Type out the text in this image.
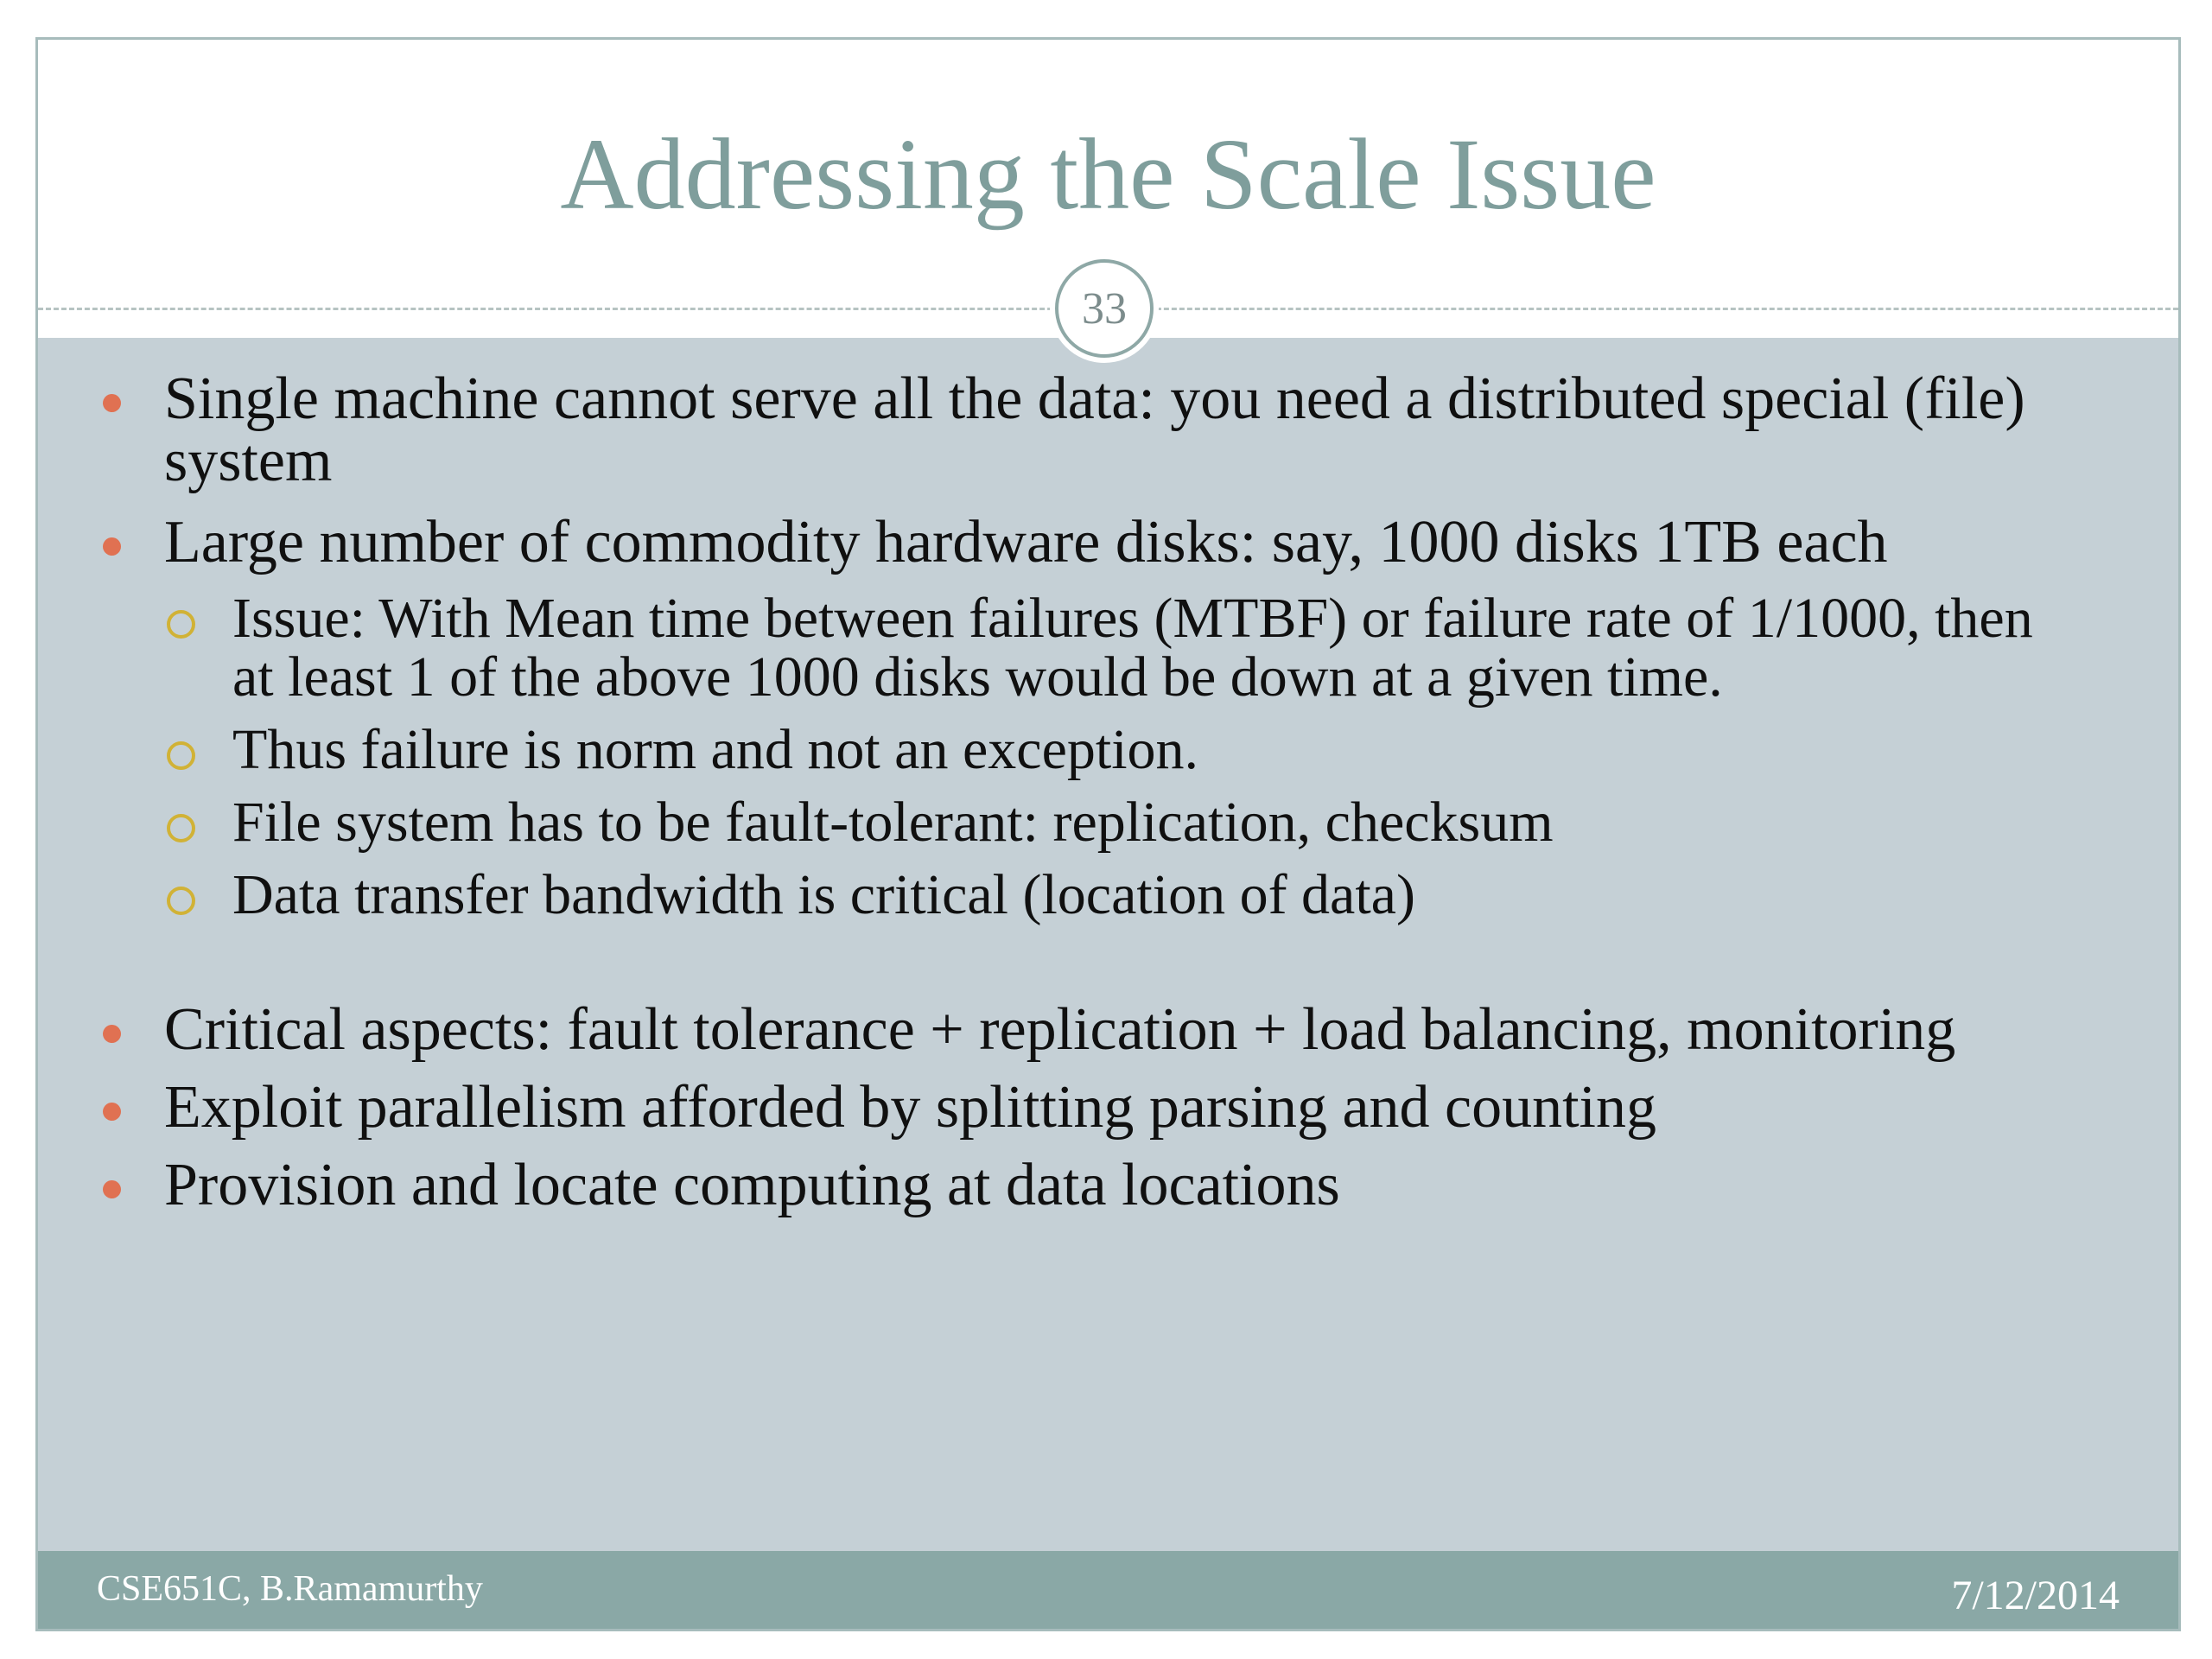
Addressing the Scale Issue
33
Single machine cannot serve all the data: you need a distributed special (file) system
Large number of commodity hardware disks: say, 1000 disks 1TB each
Issue: With Mean time between failures (MTBF) or failure rate of 1/1000, then at least 1 of the above 1000 disks would be down at a given time.
Thus failure is norm and not an exception.
File system has to be fault-tolerant: replication, checksum
Data transfer bandwidth is critical (location of data)
Critical aspects: fault tolerance + replication + load balancing, monitoring
Exploit parallelism afforded by splitting parsing and counting
Provision and locate computing at data locations
CSE651C, B.Ramamurthy	7/12/2014
